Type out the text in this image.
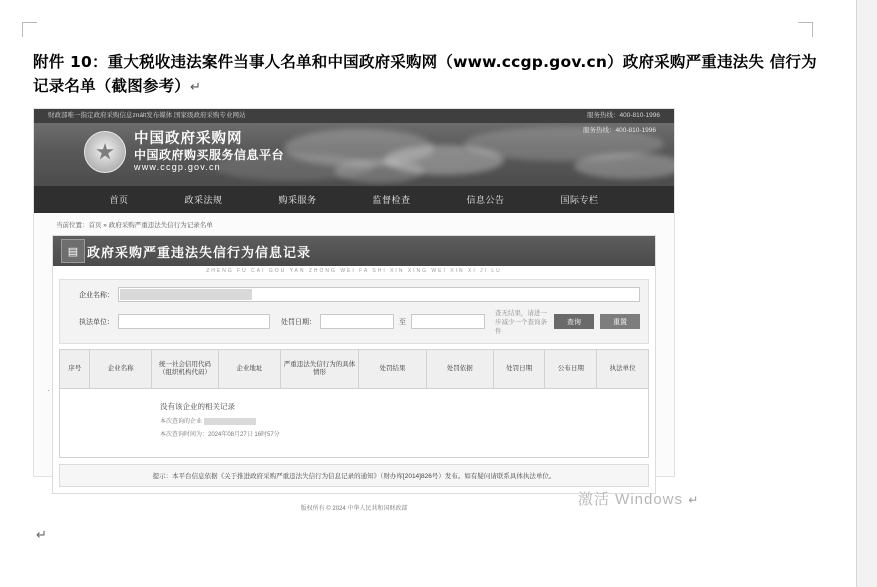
附件 10：重大税收违法案件当事人名单和中国政府采购网（www.ccgp.gov.cn）政府采购严重违法失 信行为记录名单（截图参考）↵
财政部唯一指定政府采购信息znált发布媒体 国家级政府采购专业网站	服务热线：400-810-1996
中国政府采购网
中国政府购买服务信息平台
www.ccgp.gov.cn
服务热线：400-810-1996
首页	政采法规	购采服务	监督检查	信息公告	国际专栏
当前位置：首页 » 政府采购严重违法失信行为记录名单
▤ 政府采购严重违法失信行为信息记录
ZHENG FU CAI GOU YAN ZHONG WEI FA SHI XIN XING WEI XIN XI JI LU
企业名称：
执法单位：	处罚日期：	至
查无结果，请进一步减少一个查询条件
查询	重置
序号	企业名称	统一社会信用代码（组织机构代码）	企业地址	严重违法失信行为的具体情形	处罚结果	处罚依据	处罚日期	公布日期	执法单位

没有该企业的相关记录
本次查询的企业
本次查询时间为：2024年08月27日 16时57分
提示：本平台信息依据《关于推进政府采购严重违法失信行为信息记录的通知》（财办库[2014]826号）发布。如有疑问请联系具体执法单位。
版权所有 © 2024 中华人民共和国财政部
·
激活 Windows ↵
↵
